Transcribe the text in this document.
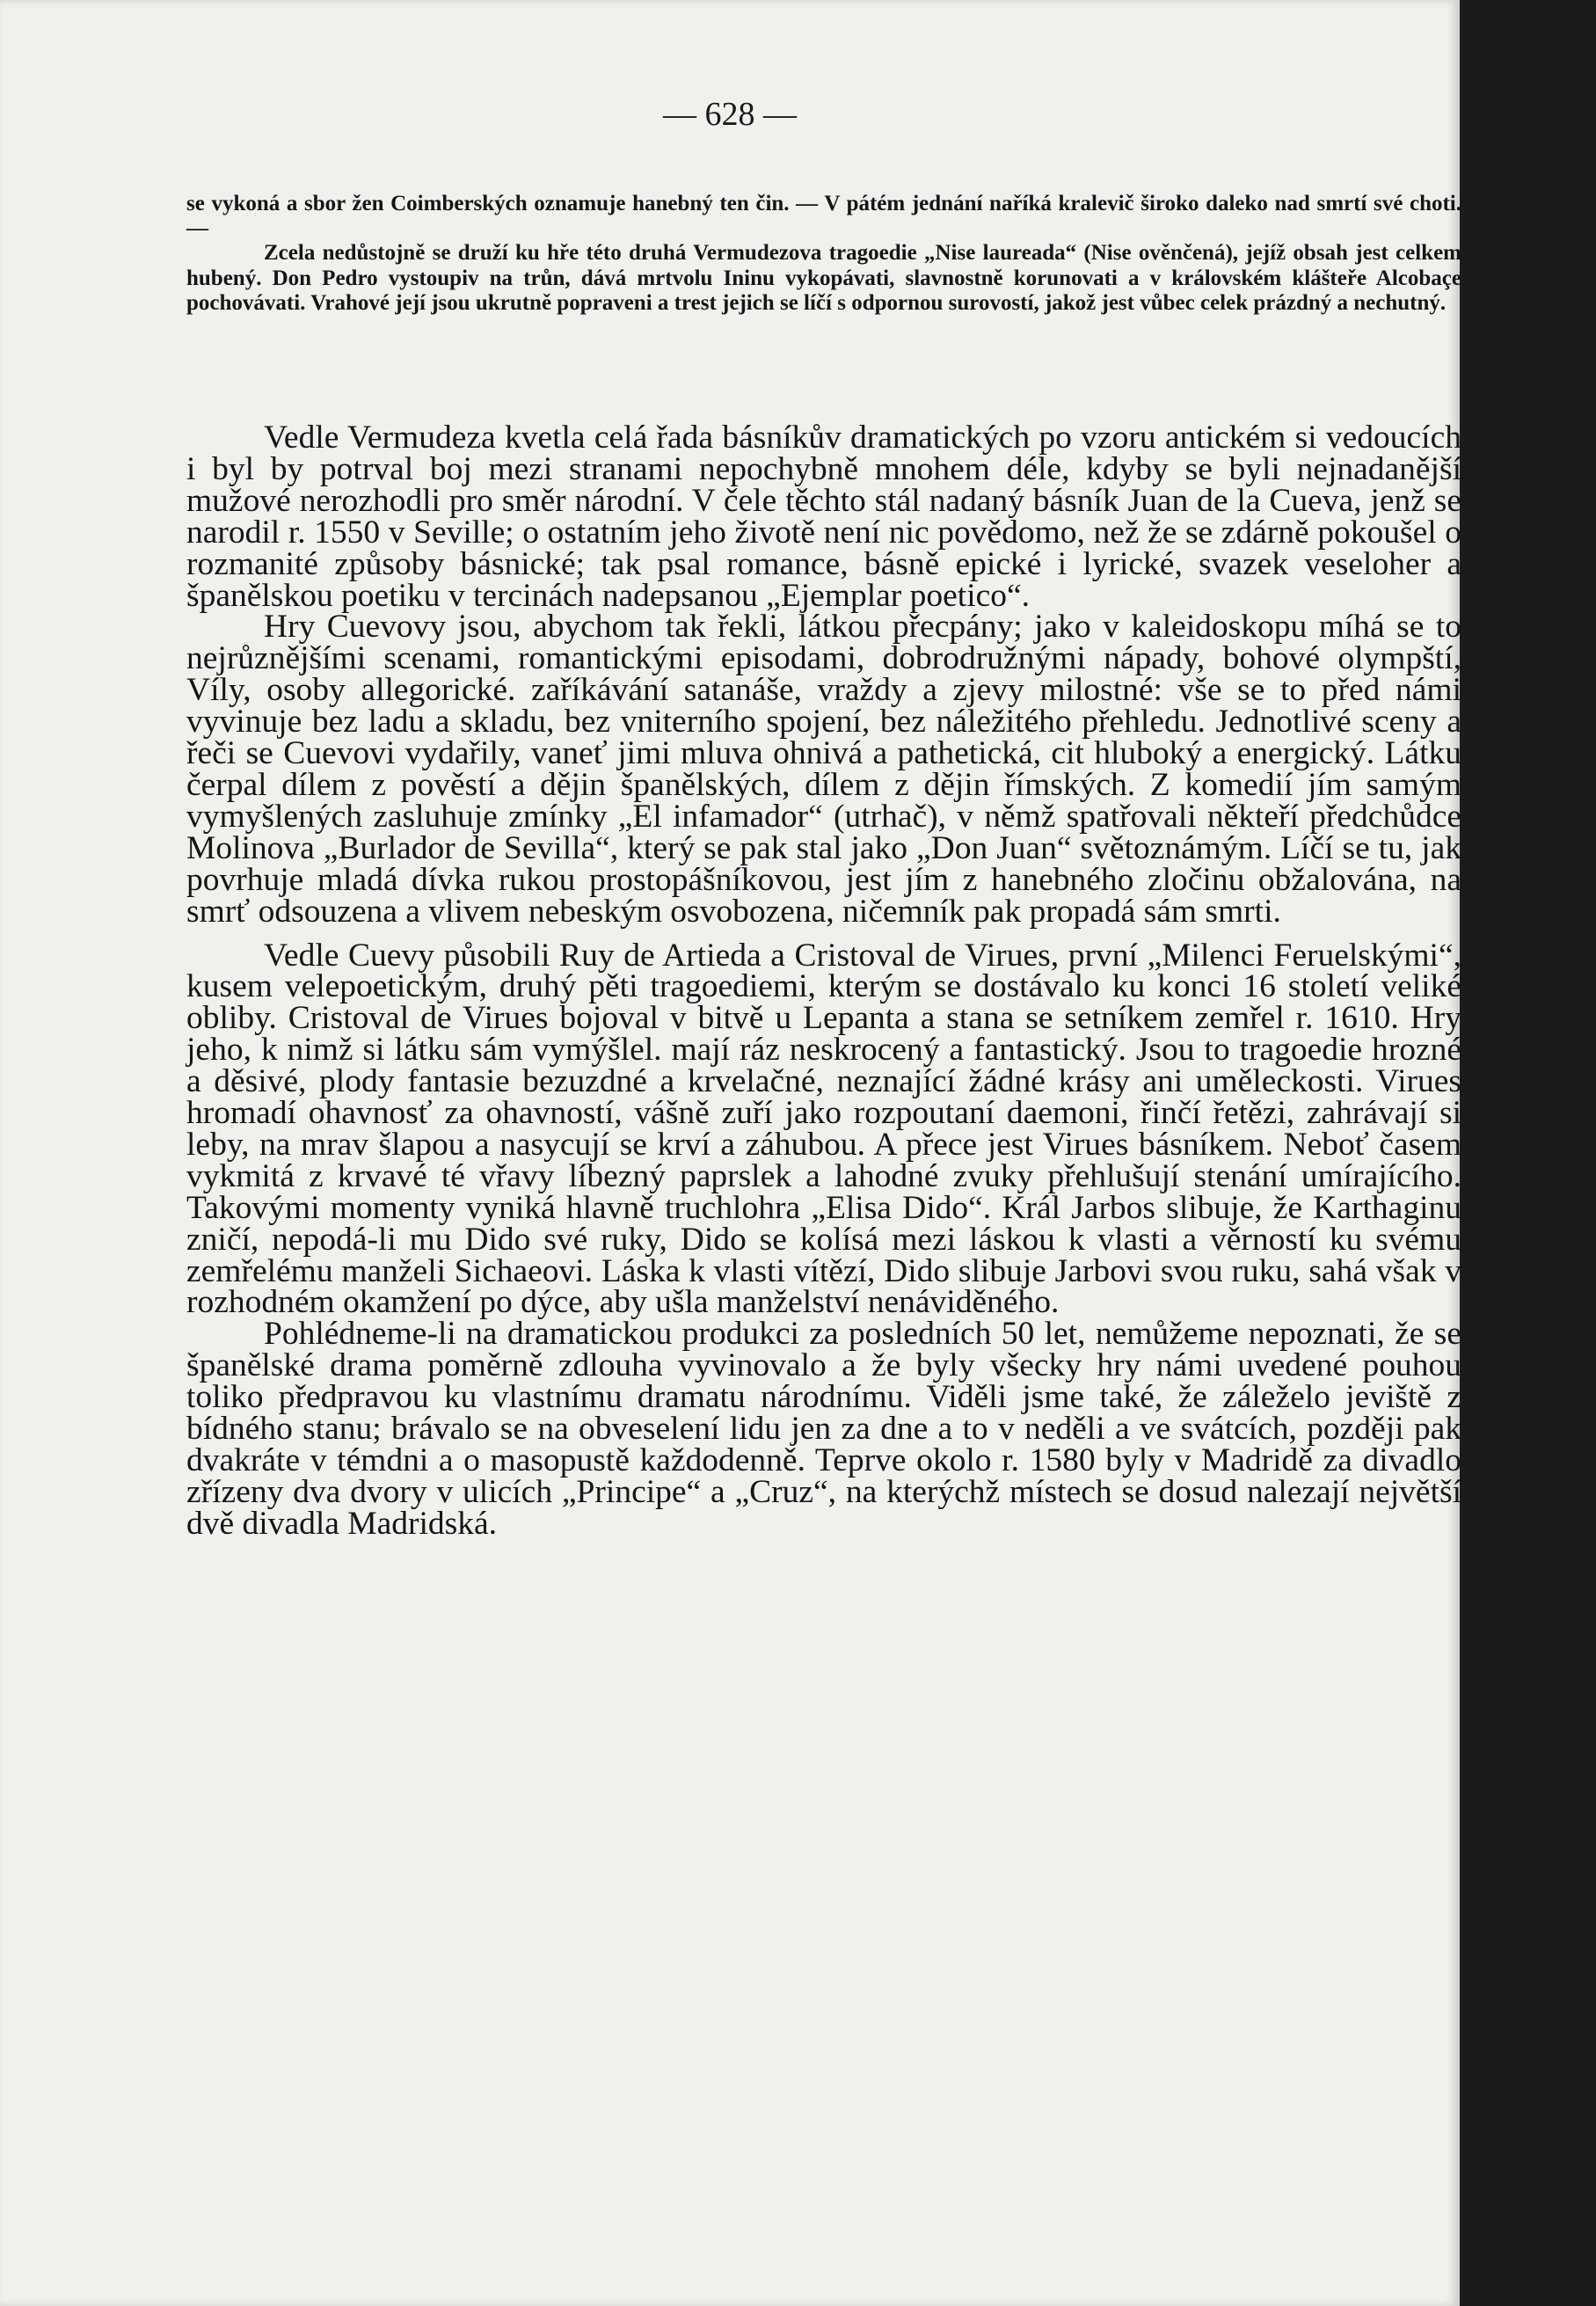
— 628 —

se vykoná a sbor žen Coimberských oznamuje hanebný ten čin. — V pátém jednání naříká kralevič široko daleko nad smrtí své choti. —

Zcela nedůstojně se druží ku hře této druhá Vermudezova tragoedie „Nise laureada“ (Nise ověnčená), jejíž obsah jest celkem hubený. Don Pedro vystoupiv na trůn, dává mrtvolu Ininu vykopávati, slavnostně korunovati a v královském klášteře Alcobaçe pochovávati. Vrahové její jsou ukrutně popraveni a trest jejich se líčí s odpornou surovostí, jakož jest vůbec celek prázdný a nechutný.

Vedle Vermudeza kvetla celá řada básníkův dramatických po vzoru antickém si vedoucích i byl by potrval boj mezi stranami nepochybně mnohem déle, kdyby se byli nejnadanější mužové nerozhodli pro směr národní. V čele těchto stál nadaný básník Juan de la Cueva, jenž se narodil r. 1550 v Seville; o ostatním jeho životě není nic povědomo, než že se zdárně pokoušel o rozmanité způsoby básnické; tak psal romance, básně epické i lyrické, svazek veseloher a španělskou poetiku v tercinách nadepsanou „Ejemplar poetico“.

Hry Cuevovy jsou, abychom tak řekli, látkou přecpány; jako v kaleidoskopu míhá se to nejrůznějšími scenami, romantickými episodami, dobrodružnými nápady, bohové olympští, Víly, osoby allegorické. zaříkávání satanáše, vraždy a zjevy milostné: vše se to před námi vyvinuje bez ladu a skladu, bez vniterního spojení, bez náležitého přehledu. Jednotlivé sceny a řeči se Cuevovi vydařily, vaneť jimi mluva ohnivá a pathetická, cit hluboký a energický. Látku čerpal dílem z pověstí a dějin španělských, dílem z dějin římských. Z komedií jím samým vymyšlených zasluhuje zmínky „El infamador“ (utrhač), v němž spatřovali někteří předchůdce Molinova „Burlador de Sevilla“, který se pak stal jako „Don Juan“ světoznámým. Líčí se tu, jak povrhuje mladá dívka rukou prostopášníkovou, jest jím z hanebného zločinu obžalována, na smrť odsouzena a vlivem nebeským osvobozena, ničemník pak propadá sám smrti.

Vedle Cuevy působili Ruy de Artieda a Cristoval de Virues, první „Milenci Feruelskými“, kusem velepoetickým, druhý pěti tragoediemi, kterým se dostávalo ku konci 16 století veliké obliby. Cristoval de Virues bojoval v bitvě u Lepanta a stana se setníkem zemřel r. 1610. Hry jeho, k nimž si látku sám vymýšlel. mají ráz neskrocený a fantastický. Jsou to tragoedie hrozné a děsivé, plody fantasie bezuzdné a krvelačné, neznající žádné krásy ani uměleckosti. Virues hromadí ohavnosť za ohavností, vášně zuří jako rozpoutaní daemoni, řinčí řetězi, zahrávají si leby, na mrav šlapou a nasycují se krví a záhubou. A přece jest Virues básníkem. Neboť časem vykmitá z krvavé té vřavy líbezný paprslek a lahodné zvuky přehlušují stenání umírajícího. Takovými momenty vyniká hlavně truchlohra „Elisa Dido“. Král Jarbos slibuje, že Karthaginu zničí, nepodá-li mu Dido své ruky, Dido se kolísá mezi láskou k vlasti a věrností ku svému zemřelému manželi Sichaeovi. Láska k vlasti vítězí, Dido slibuje Jarbovi svou ruku, sahá však v rozhodném okamžení po dýce, aby ušla manželství nenáviděného.

Pohlédneme-li na dramatickou produkci za posledních 50 let, nemůžeme nepoznati, že se španělské drama poměrně zdlouha vyvinovalo a že byly všecky hry námi uvedené pouhou toliko předpravou ku vlastnímu dramatu národnímu. Viděli jsme také, že záleželo jeviště z bídného stanu; brávalo se na obveselení lidu jen za dne a to v neděli a ve svátcích, později pak dvakráte v témdni a o masopustě každodenně. Teprve okolo r. 1580 byly v Madridě za divadlo zřízeny dva dvory v ulicích „Principe“ a „Cruz“, na kterýchž místech se dosud nalezají největší dvě divadla Madridská.
